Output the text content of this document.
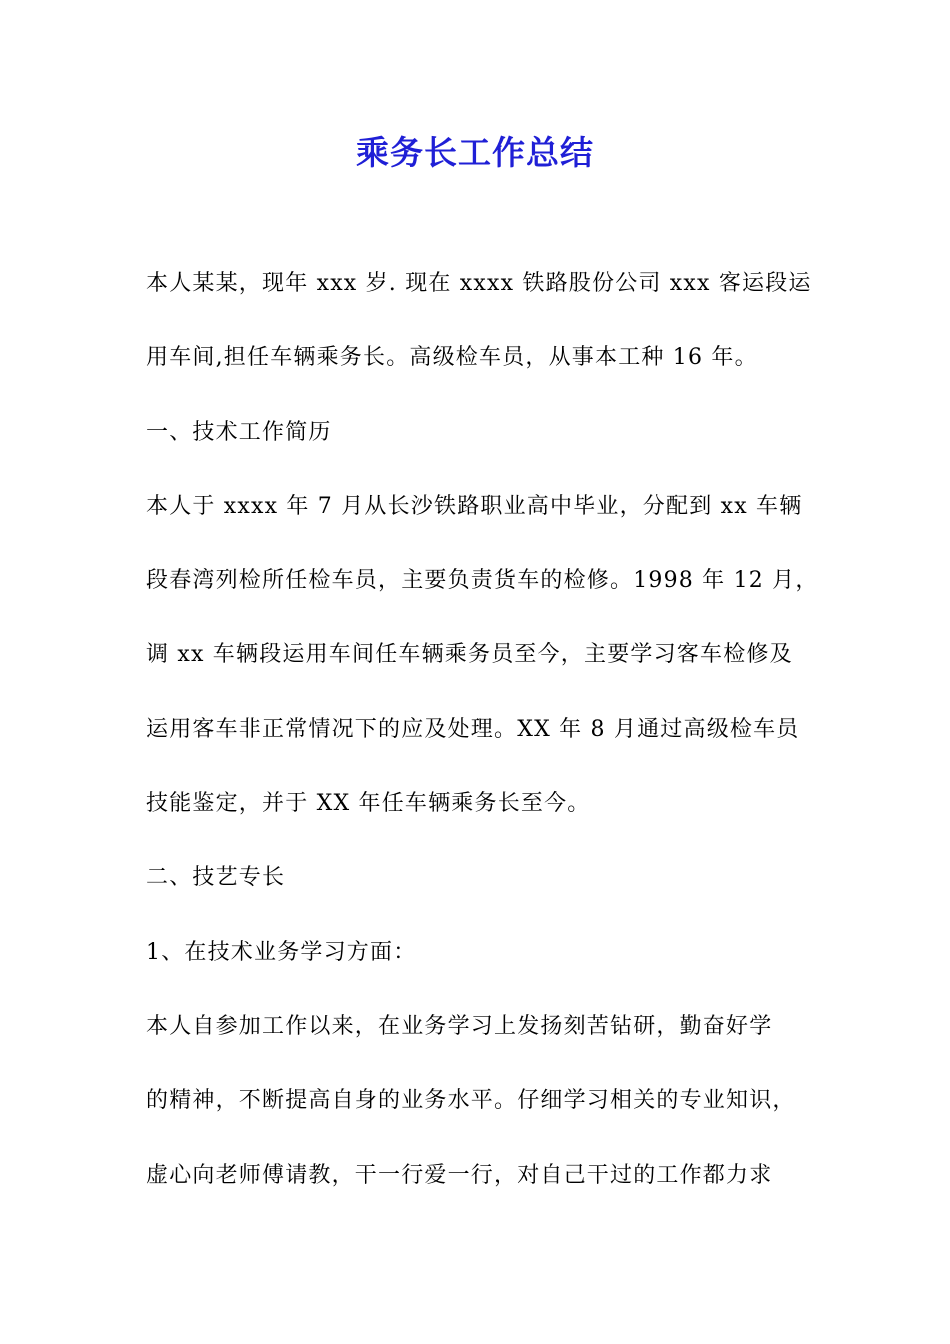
乘务长工作总结
本人某某，现年 xxx 岁. 现在 xxxx 铁路股份公司 xxx 客运段运
用车间,担任车辆乘务长。高级检车员，从事本工种 16 年。
一、技术工作简历
本人于 xxxx 年 7 月从长沙铁路职业高中毕业，分配到 xx 车辆
段春湾列检所任检车员，主要负责货车的检修。1998 年 12 月，
调 xx 车辆段运用车间任车辆乘务员至今，主要学习客车检修及
运用客车非正常情况下的应及处理。XX 年 8 月通过高级检车员
技能鉴定，并于 XX 年任车辆乘务长至今。
二、技艺专长
1、在技术业务学习方面：
本人自参加工作以来，在业务学习上发扬刻苦钻研，勤奋好学
的精神，不断提高自身的业务水平。仔细学习相关的专业知识，
虚心向老师傅请教，干一行爱一行，对自己干过的工作都力求
